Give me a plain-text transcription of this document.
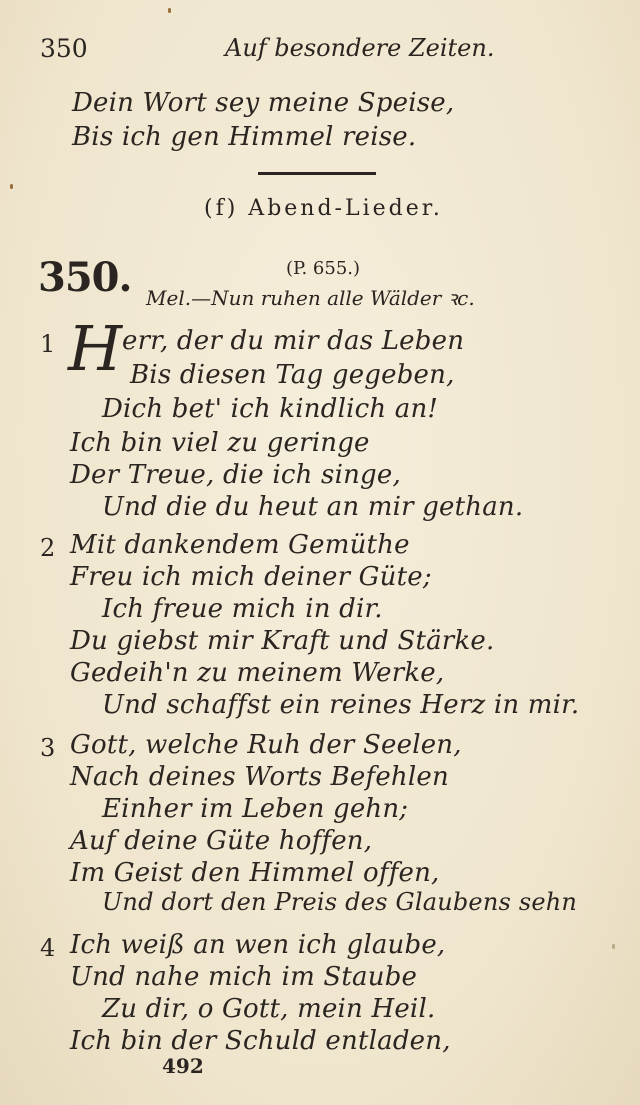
350	Auf besondere Zeiten.
Dein Wort sey meine Speise,
Bis ich gen Himmel reise.
(f) Abend-Lieder.
350.	(P. 655.)
Mel.—Nun ruhen alle Wälder ꝛc.
1 H err, der du mir das Leben
Bis diesen Tag gegeben,
Dich bet' ich kindlich an!
Ich bin viel zu geringe
Der Treue, die ich singe,
Und die du heut an mir gethan.
2 Mit dankendem Gemüthe
Freu ich mich deiner Güte;
Ich freue mich in dir.
Du giebst mir Kraft und Stärke.
Gedeih'n zu meinem Werke,
Und schaffst ein reines Herz in mir.
3 Gott, welche Ruh der Seelen,
Nach deines Worts Befehlen
Einher im Leben gehn;
Auf deine Güte hoffen,
Im Geist den Himmel offen,
Und dort den Preis des Glaubens sehn
4 Ich weiß an wen ich glaube,
Und nahe mich im Staube
Zu dir, o Gott, mein Heil.
Ich bin der Schuld entladen,
492
